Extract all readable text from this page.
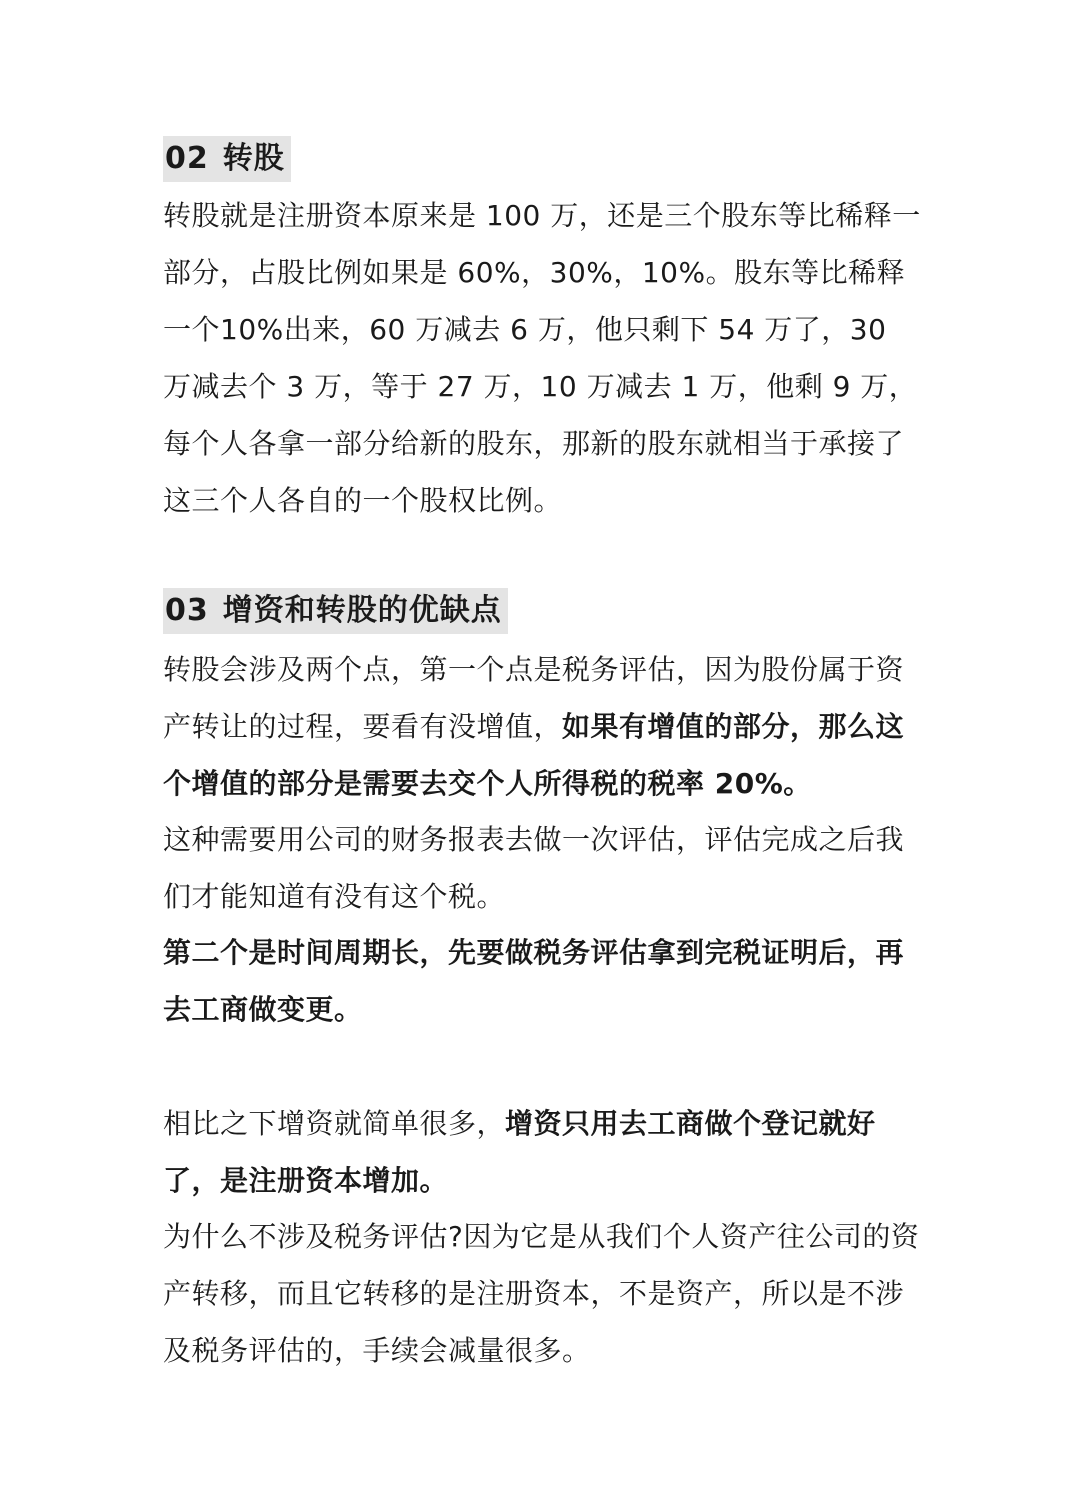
02 转股
转股就是注册资本原来是 100 万，还是三个股东等比稀释一部分，占股比例如果是 60%，30%，10%。股东等比稀释一个10%出来，60 万减去 6 万，他只剩下 54 万了，30 万减去个 3 万，等于 27 万，10 万减去 1 万，他剩 9 万，每个人各拿一部分给新的股东，那新的股东就相当于承接了这三个人各自的一个股权比例。
03 增资和转股的优缺点
转股会涉及两个点，第一个点是税务评估，因为股份属于资产转让的过程，要看有没增值，如果有增值的部分，那么这个增值的部分是需要去交个人所得税的税率 20%。
这种需要用公司的财务报表去做一次评估，评估完成之后我们才能知道有没有这个税。
第二个是时间周期长，先要做税务评估拿到完税证明后，再去工商做变更。
相比之下增资就简单很多，增资只用去工商做个登记就好了，是注册资本增加。
为什么不涉及税务评估?因为它是从我们个人资产往公司的资产转移，而且它转移的是注册资本，不是资产，所以是不涉及税务评估的，手续会减量很多。
